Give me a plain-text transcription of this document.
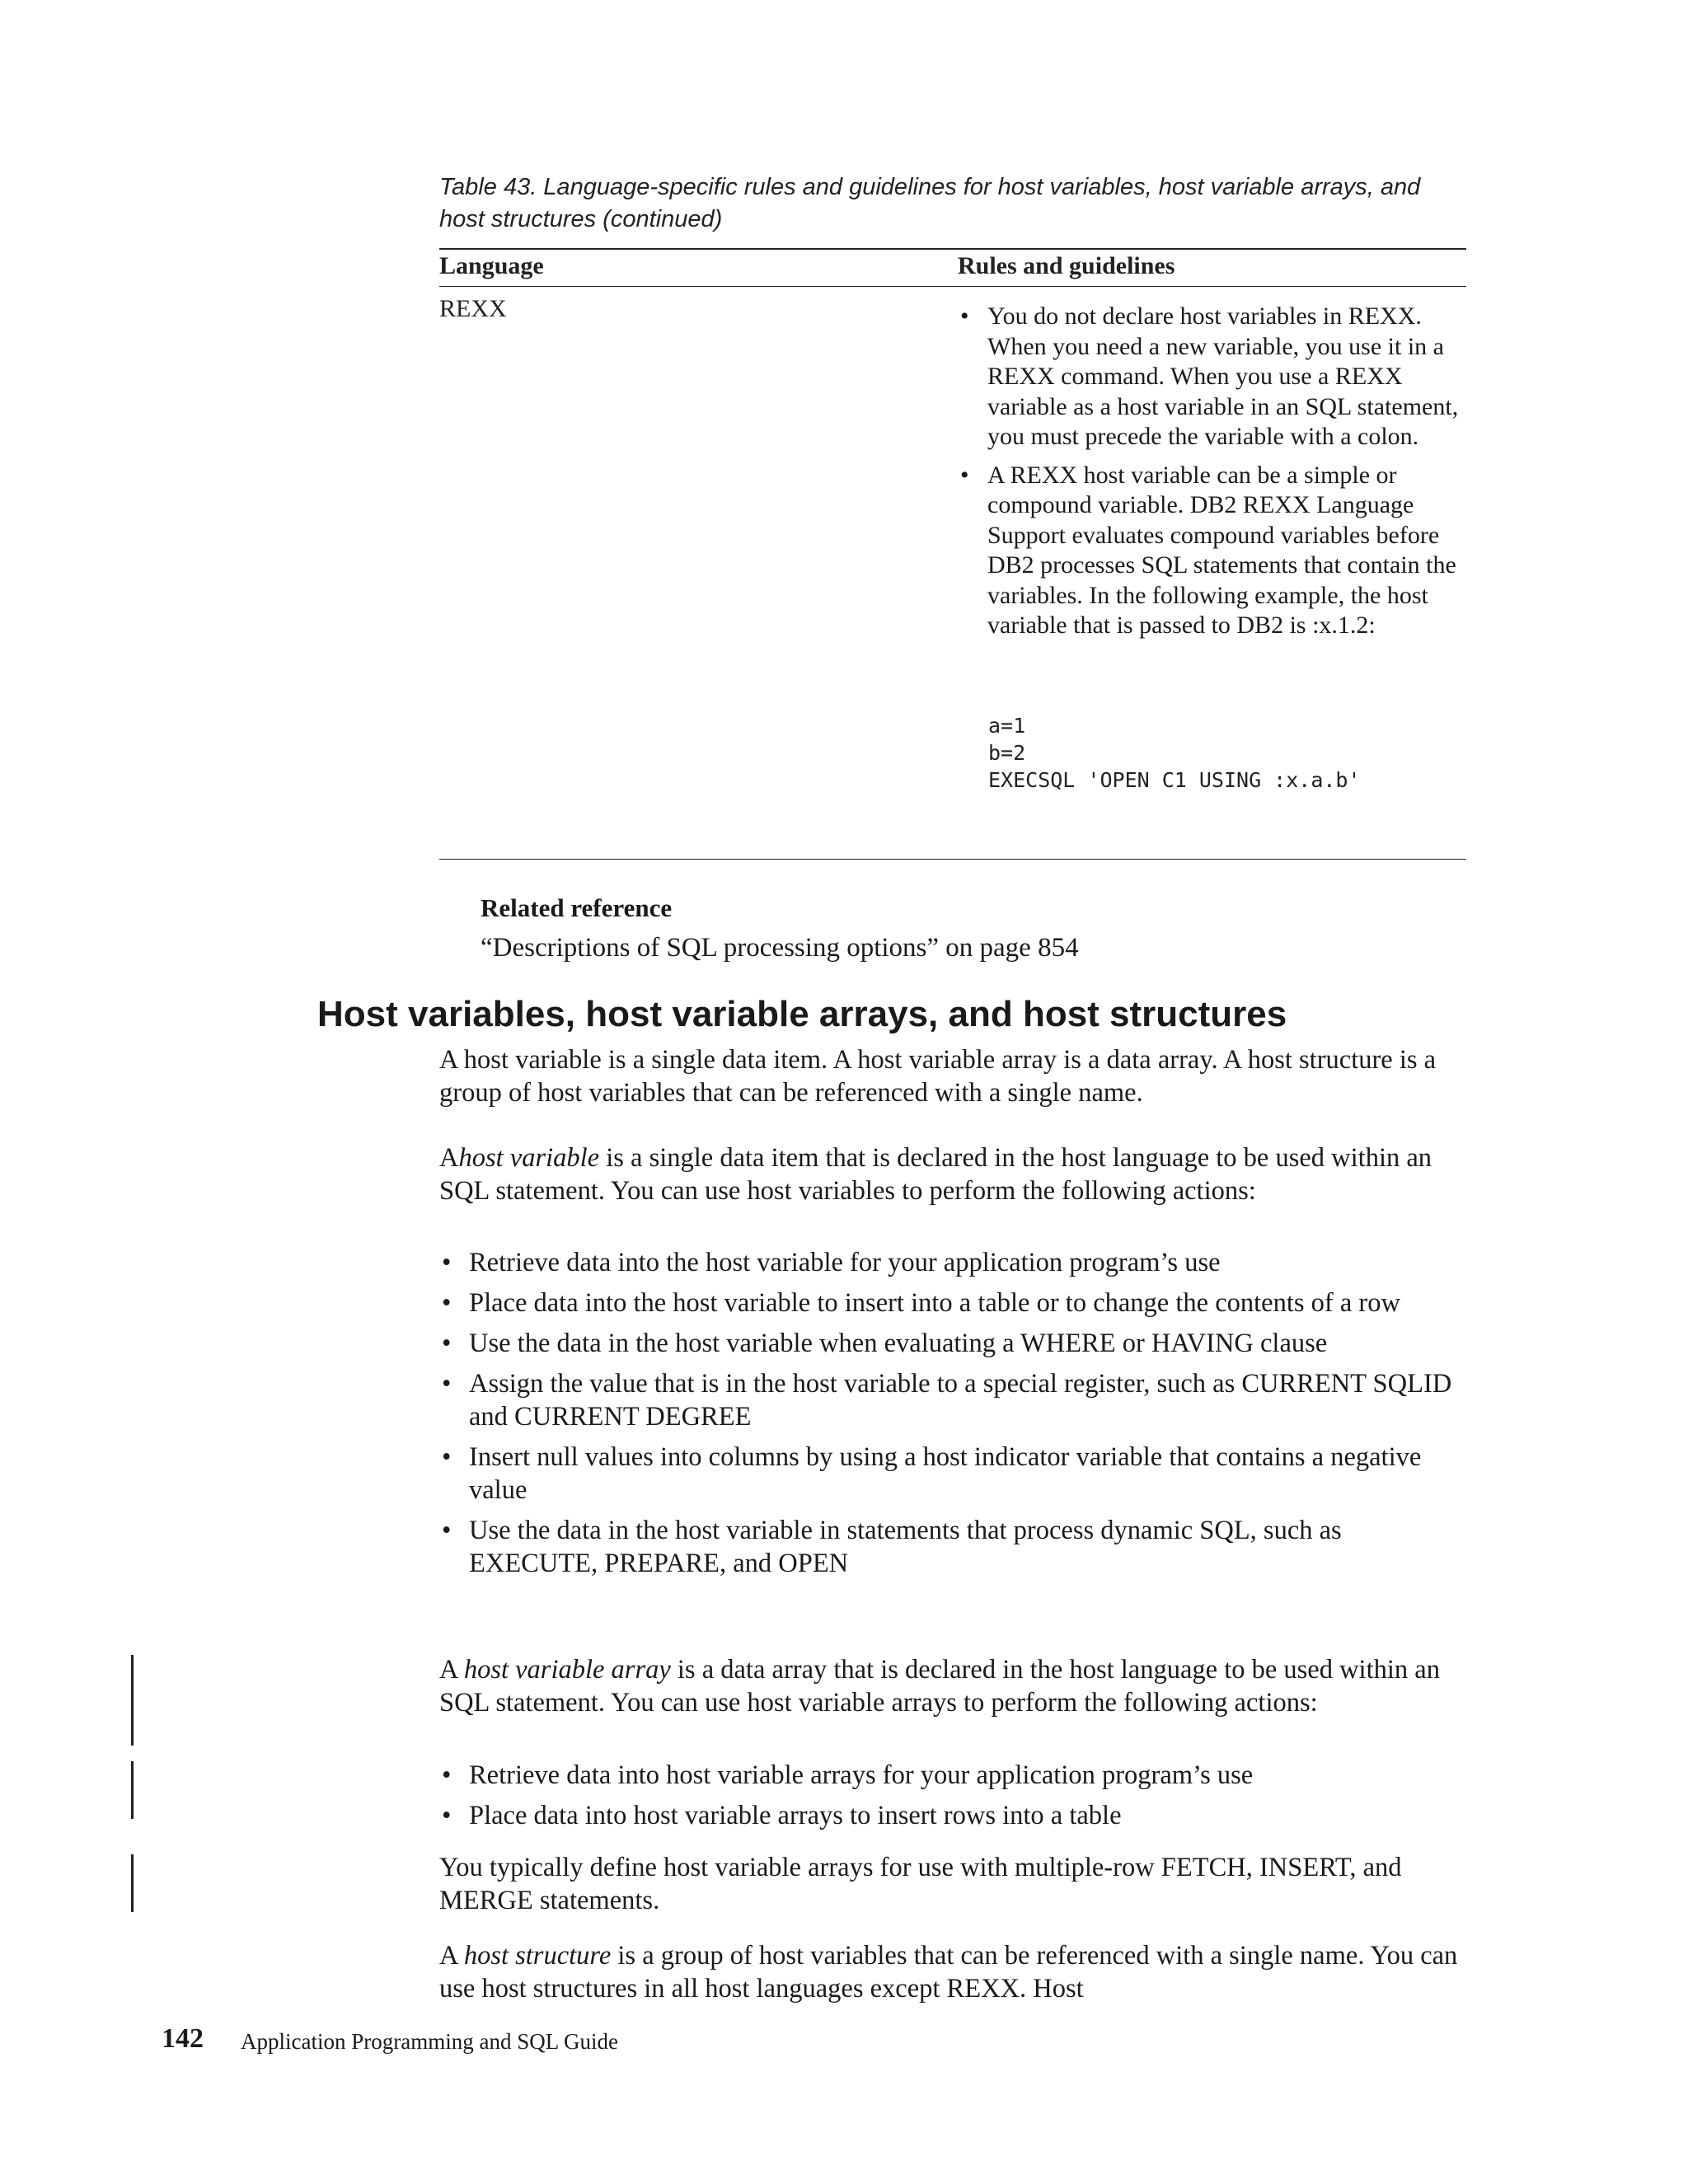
Table 43. Language-specific rules and guidelines for host variables, host variable arrays, and host structures (continued)
Language	Rules and guidelines
REXX
•	You do not declare host variables in REXX. When you need a new variable, you use it in a REXX command. When you use a REXX variable as a host variable in an SQL statement, you must precede the variable with a colon.
• A REXX host variable can be a simple or compound variable. DB2 REXX Language Support evaluates compound variables before DB2 processes SQL statements that contain the variables. In the following example, the host variable that is passed to DB2 is :x.1.2:
a=1
b=2
EXECSQL 'OPEN C1 USING :x.a.b'
Related reference
“Descriptions of SQL processing options” on page 854
Host variables, host variable arrays, and host structures

A host variable is a single data item. A host variable array is a data array. A host structure is a group of host variables that can be referenced with a single name.

Ahost variable is a single data item that is declared in the host language to be used within an SQL statement. You can use host variables to perform the following actions:

• Retrieve data into the host variable for your application program’s use
• Place data into the host variable to insert into a table or to change the contents of a row
• Use the data in the host variable when evaluating a WHERE or HAVING clause
• Assign the value that is in the host variable to a special register, such as CURRENT SQLID and CURRENT DEGREE
• Insert null values into columns by using a host indicator variable that contains a negative value
• Use the data in the host variable in statements that process dynamic SQL, such as EXECUTE, PREPARE, and OPEN

A host variable array is a data array that is declared in the host language to be used within an SQL statement. You can use host variable arrays to perform the following actions:

• Retrieve data into host variable arrays for your application program’s use
• Place data into host variable arrays to insert rows into a table

You typically define host variable arrays for use with multiple-row FETCH, INSERT, and MERGE statements.

A host structure is a group of host variables that can be referenced with a single name. You can use host structures in all host languages except REXX. Host

142 Application Programming and SQL Guide
